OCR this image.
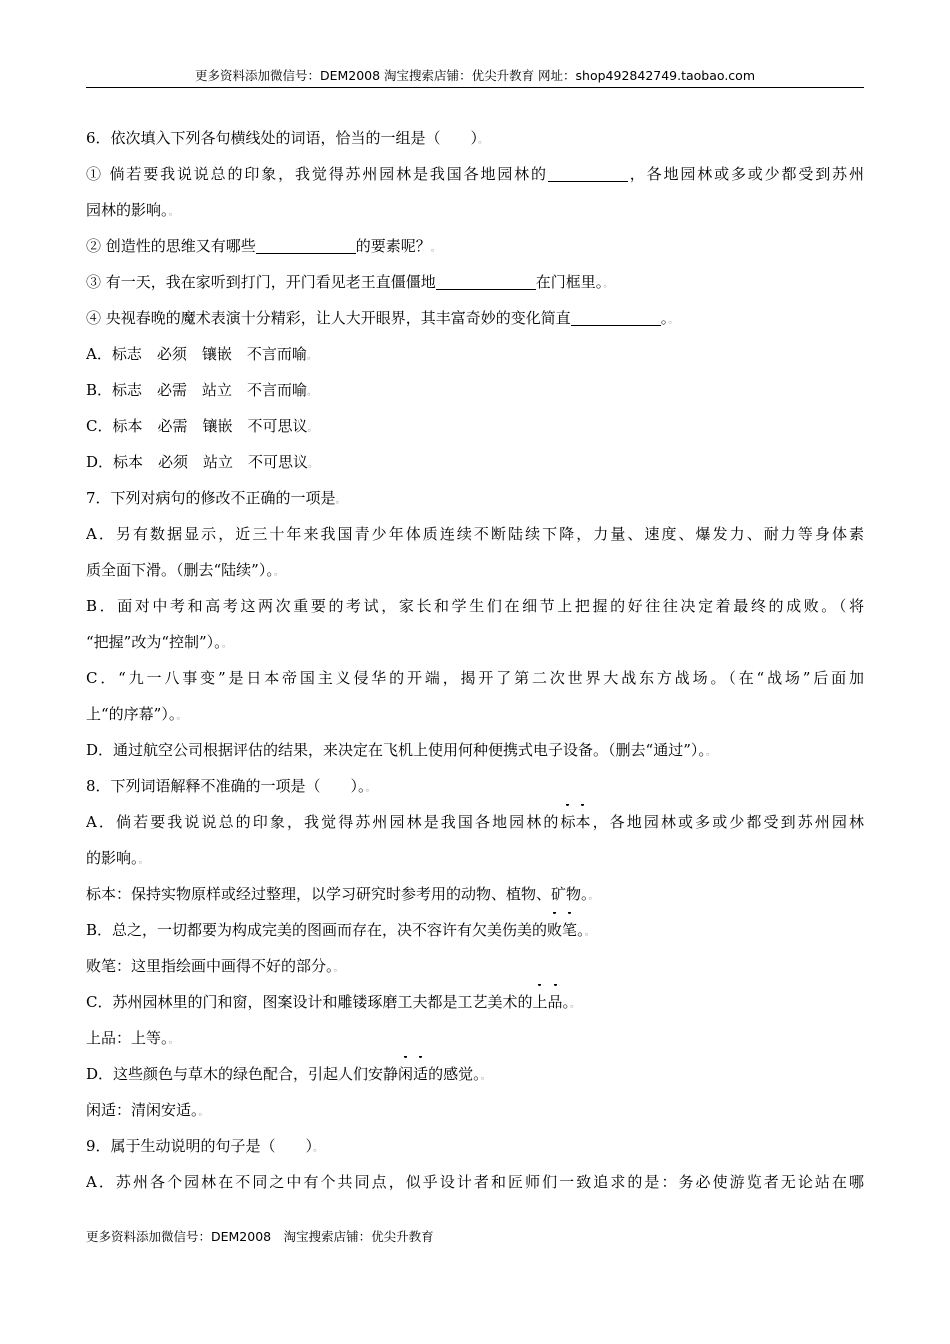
更多资料添加微信号：DEM2008 淘宝搜索店铺：优尖升教育 网址：shop492842749.taobao.com
6．依次填入下列各句横线处的词语，恰当的一组是（　　）。
① 倘若要我说说总的印象，我觉得苏州园林是我国各地园林的	，各地园林或多或少都受到苏州
园林的影响。。
② 创造性的思维又有哪些	的要素呢？。
③ 有一天，我在家听到打门，开门看见老王直僵僵地	在门框里。。
④ 央视春晚的魔术表演十分精彩，让人大开眼界，其丰富奇妙的变化简直	。。
A．标志　必须　镶嵌　不言而喻。
B．标志　必需　站立　不言而喻。
C．标本　必需　镶嵌　不可思议。
D．标本　必须　站立　不可思议。
7．下列对病句的修改不正确的一项是。
A．另有数据显示，近三十年来我国青少年体质连续不断陆续下降，力量、速度、爆发力、耐力等身体素
质全面下滑。（删去“陆续”）。。
B．面对中考和高考这两次重要的考试，家长和学生们在细节上把握的好往往决定着最终的成败。（将
“把握”改为“控制”）。。
C．“九一八事变”是日本帝国主义侵华的开端，揭开了第二次世界大战东方战场。（在“战场”后面加
上“的序幕”）。。
D．通过航空公司根据评估的结果，来决定在飞机上使用何种便携式电子设备。（删去“通过”）。。
8．下列词语解释不准确的一项是（　　）。。
A．倘若要我说说总的印象，我觉得苏州园林是我国各地园林的标本，各地园林或多或少都受到苏州园林
的影响。。
标本：保持实物原样或经过整理，以学习研究时参考用的动物、植物、矿物。。
B．总之，一切都要为构成完美的图画而存在，决不容许有欠美伤美的败笔。。
败笔：这里指绘画中画得不好的部分。。
C．苏州园林里的门和窗，图案设计和雕镂琢磨工夫都是工艺美术的上品。。
上品：上等。。
D．这些颜色与草木的绿色配合，引起人们安静闲适的感觉。。
闲适：清闲安适。。
9．属于生动说明的句子是（　　）。
A．苏州各个园林在不同之中有个共同点，似乎设计者和匠师们一致追求的是：务必使游览者无论站在哪
更多资料添加微信号：DEM2008　淘宝搜索店铺：优尖升教育
